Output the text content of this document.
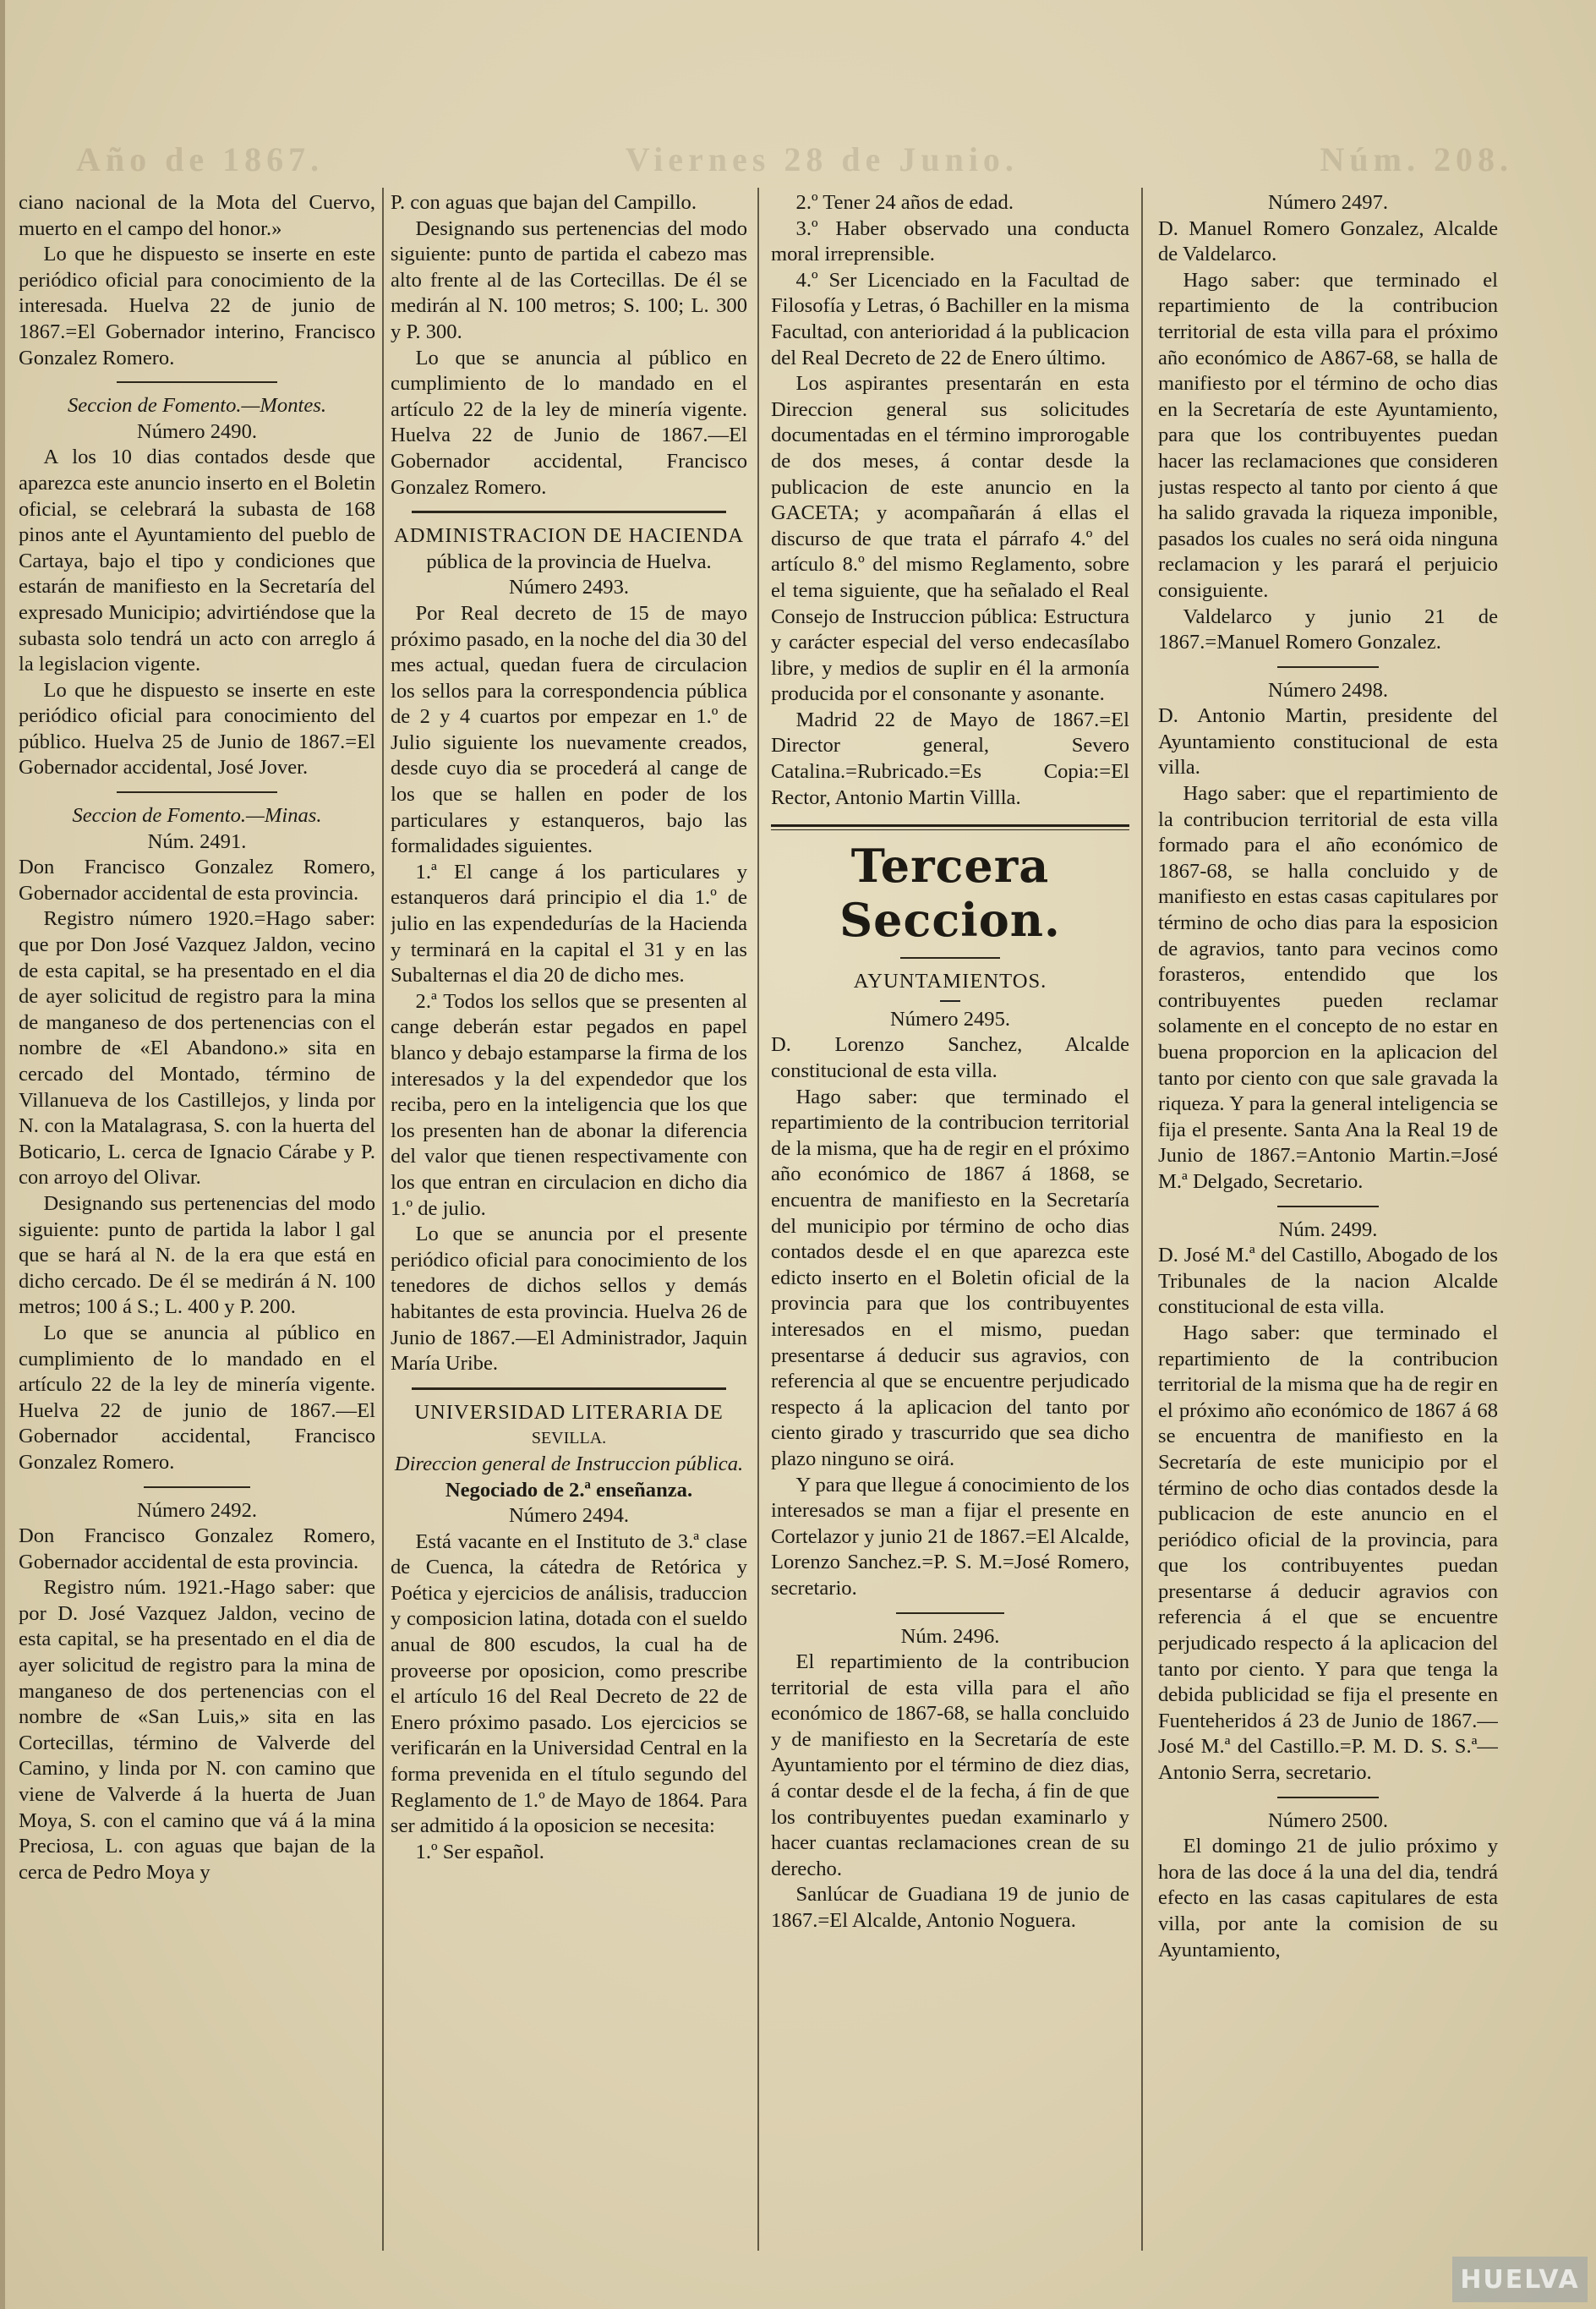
Año de 1867.	Viernes 28 de Junio.	Núm. 208.

ciano nacional de la Mota del Cuervo, muerto en el campo del honor.»

Lo que he dispuesto se inserte en este periódico oficial para conocimiento de la interesada. Huelva 22 de junio de 1867.=El Gobernador interino, Francisco Gonzalez Romero.

Seccion de Fomento.—Montes.

Número 2490.

A los 10 dias contados desde que aparezca este anuncio inserto en el Boletin oficial, se celebrará la subasta de 168 pinos ante el Ayuntamiento del pueblo de Cartaya, bajo el tipo y condiciones que estarán de manifiesto en la Secretaría del expresado Municipio; advirtiéndose que la subasta solo tendrá un acto con arreglo á la legislacion vigente.

Lo que he dispuesto se inserte en este periódico oficial para conocimiento del público. Huelva 25 de Junio de 1867.=El Gobernador accidental, José Jover.

Seccion de Fomento.—Minas.

Núm. 2491.

Don Francisco Gonzalez Romero, Gobernador accidental de esta provincia.

Registro número 1920.=Hago saber: que por Don José Vazquez Jaldon, vecino de esta capital, se ha presentado en el dia de ayer solicitud de registro para la mina de manganeso de dos pertenencias con el nombre de «El Abandono.» sita en cercado del Montado, término de Villanueva de los Castillejos, y linda por N. con la Matalagrasa, S. con la huerta del Boticario, L. cerca de Ignacio Cárabe y P. con arroyo del Olivar.

Designando sus pertenencias del modo siguiente: punto de partida la labor l gal que se hará al N. de la era que está en dicho cercado. De él se medirán á N. 100 metros; 100 á S.; L. 400 y P. 200.

Lo que se anuncia al público en cumplimiento de lo mandado en el artículo 22 de la ley de minería vigente. Huelva 22 de junio de 1867.—El Gobernador accidental, Francisco Gonzalez Romero.

Número 2492.

Don Francisco Gonzalez Romero, Gobernador accidental de esta provincia.

Registro núm. 1921.-Hago saber: que por D. José Vazquez Jaldon, vecino de esta capital, se ha presentado en el dia de ayer solicitud de registro para la mina de manganeso de dos pertenencias con el nombre de «San Luis,» sita en las Cortecillas, término de Valverde del Camino, y linda por N. con camino que viene de Valverde á la huerta de Juan Moya, S. con el camino que vá á la mina Preciosa, L. con aguas que bajan de la cerca de Pedro Moya y

P. con aguas que bajan del Campillo.

Designando sus pertenencias del modo siguiente: punto de partida el cabezo mas alto frente al de las Cortecillas. De él se medirán al N. 100 metros; S. 100; L. 300 y P. 300.

Lo que se anuncia al público en cumplimiento de lo mandado en el artículo 22 de la ley de minería vigente. Huelva 22 de Junio de 1867.—El Gobernador accidental, Francisco Gonzalez Romero.

ADMINISTRACION DE HACIENDA

pública de la provincia de Huelva.

Número 2493.

Por Real decreto de 15 de mayo próximo pasado, en la noche del dia 30 del mes actual, quedan fuera de circulacion los sellos para la correspondencia pública de 2 y 4 cuartos por empezar en 1.º de Julio siguiente los nuevamente creados, desde cuyo dia se procederá al cange de los que se hallen en poder de los particulares y estanqueros, bajo las formalidades siguientes.

1.ª El cange á los particulares y estanqueros dará principio el dia 1.º de julio en las expendedurías de la Hacienda y terminará en la capital el 31 y en las Subalternas el dia 20 de dicho mes.

2.ª Todos los sellos que se presenten al cange deberán estar pegados en papel blanco y debajo estamparse la firma de los interesados y la del expendedor que los reciba, pero en la inteligencia que los que los presenten han de abonar la diferencia del valor que tienen respectivamente con los que entran en circulacion en dicho dia 1.º de julio.

Lo que se anuncia por el presente periódico oficial para conocimiento de los tenedores de dichos sellos y demás habitantes de esta provincia. Huelva 26 de Junio de 1867.—El Administrador, Jaquin María Uribe.

UNIVERSIDAD LITERARIA DE

SEVILLA.

Direccion general de Instruccion pública.

Negociado de 2.ª enseñanza.

Número 2494.

Está vacante en el Instituto de 3.ª clase de Cuenca, la cátedra de Retórica y Poética y ejercicios de análisis, traduccion y composicion latina, dotada con el sueldo anual de 800 escudos, la cual ha de proveerse por oposicion, como prescribe el artículo 16 del Real Decreto de 22 de Enero próximo pasado. Los ejercicios se verificarán en la Universidad Central en la forma prevenida en el título segundo del Reglamento de 1.º de Mayo de 1864. Para ser admitido á la oposicion se necesita:

1.º Ser español.

2.º Tener 24 años de edad.

3.º Haber observado una conducta moral irreprensible.

4.º Ser Licenciado en la Facultad de Filosofía y Letras, ó Bachiller en la misma Facultad, con anterioridad á la publicacion del Real Decreto de 22 de Enero último.

Los aspirantes presentarán en esta Direccion general sus solicitudes documentadas en el término improrogable de dos meses, á contar desde la publicacion de este anuncio en la GACETA; y acompañarán á ellas el discurso de que trata el párrafo 4.º del artículo 8.º del mismo Reglamento, sobre el tema siguiente, que ha señalado el Real Consejo de Instruccion pública: Estructura y carácter especial del verso endecasílabo libre, y medios de suplir en él la armonía producida por el consonante y asonante.

Madrid 22 de Mayo de 1867.=El Director general, Severo Catalina.=Rubricado.=Es Copia:=El Rector, Antonio Martin Villla.

Tercera Seccion.

AYUNTAMIENTOS.

Número 2495.

D. Lorenzo Sanchez, Alcalde constitucional de esta villa.

Hago saber: que terminado el repartimiento de la contribucion territorial de la misma, que ha de regir en el próximo año económico de 1867 á 1868, se encuentra de manifiesto en la Secretaría del municipio por término de ocho dias contados desde el en que aparezca este edicto inserto en el Boletin oficial de la provincia para que los contribuyentes interesados en el mismo, puedan presentarse á deducir sus agravios, con referencia al que se encuentre perjudicado respecto á la aplicacion del tanto por ciento girado y trascurrido que sea dicho plazo ninguno se oirá.

Y para que llegue á conocimiento de los interesados se man a fijar el presente en Cortelazor y junio 21 de 1867.=El Alcalde, Lorenzo Sanchez.=P. S. M.=José Romero, secretario.

Núm. 2496.

El repartimiento de la contribucion territorial de esta villa para el año económico de 1867-68, se halla concluido y de manifiesto en la Secretaría de este Ayuntamiento por el término de diez dias, á contar desde el de la fecha, á fin de que los contribuyentes puedan examinarlo y hacer cuantas reclamaciones crean de su derecho.

Sanlúcar de Guadiana 19 de junio de 1867.=El Alcalde, Antonio Noguera.

Número 2497.

D. Manuel Romero Gonzalez, Alcalde de Valdelarco.

Hago saber: que terminado el repartimiento de la contribucion territorial de esta villa para el próximo año económico de A867-68, se halla de manifiesto por el término de ocho dias en la Secretaría de este Ayuntamiento, para que los contribuyentes puedan hacer las reclamaciones que consideren justas respecto al tanto por ciento á que ha salido gravada la riqueza imponible, pasados los cuales no será oida ninguna reclamacion y les parará el perjuicio consiguiente.

Valdelarco y junio 21 de 1867.=Manuel Romero Gonzalez.

Número 2498.

D. Antonio Martin, presidente del Ayuntamiento constitucional de esta villa.

Hago saber: que el repartimiento de la contribucion territorial de esta villa formado para el año económico de 1867-68, se halla concluido y de manifiesto en estas casas capitulares por término de ocho dias para la esposicion de agravios, tanto para vecinos como forasteros, entendido que los contribuyentes pueden reclamar solamente en el concepto de no estar en buena proporcion en la aplicacion del tanto por ciento con que sale gravada la riqueza. Y para la general inteligencia se fija el presente. Santa Ana la Real 19 de Junio de 1867.=Antonio Martin.=José M.ª Delgado, Secretario.

Núm. 2499.

D. José M.ª del Castillo, Abogado de los Tribunales de la nacion Alcalde constitucional de esta villa.

Hago saber: que terminado el repartimiento de la contribucion territorial de la misma que ha de regir en el próximo año económico de 1867 á 68 se encuentra de manifiesto en la Secretaría de este municipio por el término de ocho dias contados desde la publicacion de este anuncio en el periódico oficial de la provincia, para que los contribuyentes puedan presentarse á deducir agravios con referencia á el que se encuentre perjudicado respecto á la aplicacion del tanto por ciento. Y para que tenga la debida publicidad se fija el presente en Fuenteheridos á 23 de Junio de 1867.—José M.ª del Castillo.=P. M. D. S. S.ª—Antonio Serra, secretario.

Número 2500.

El domingo 21 de julio próximo y hora de las doce á la una del dia, tendrá efecto en las casas capitulares de esta villa, por ante la comision de su Ayuntamiento,

HUELVA
